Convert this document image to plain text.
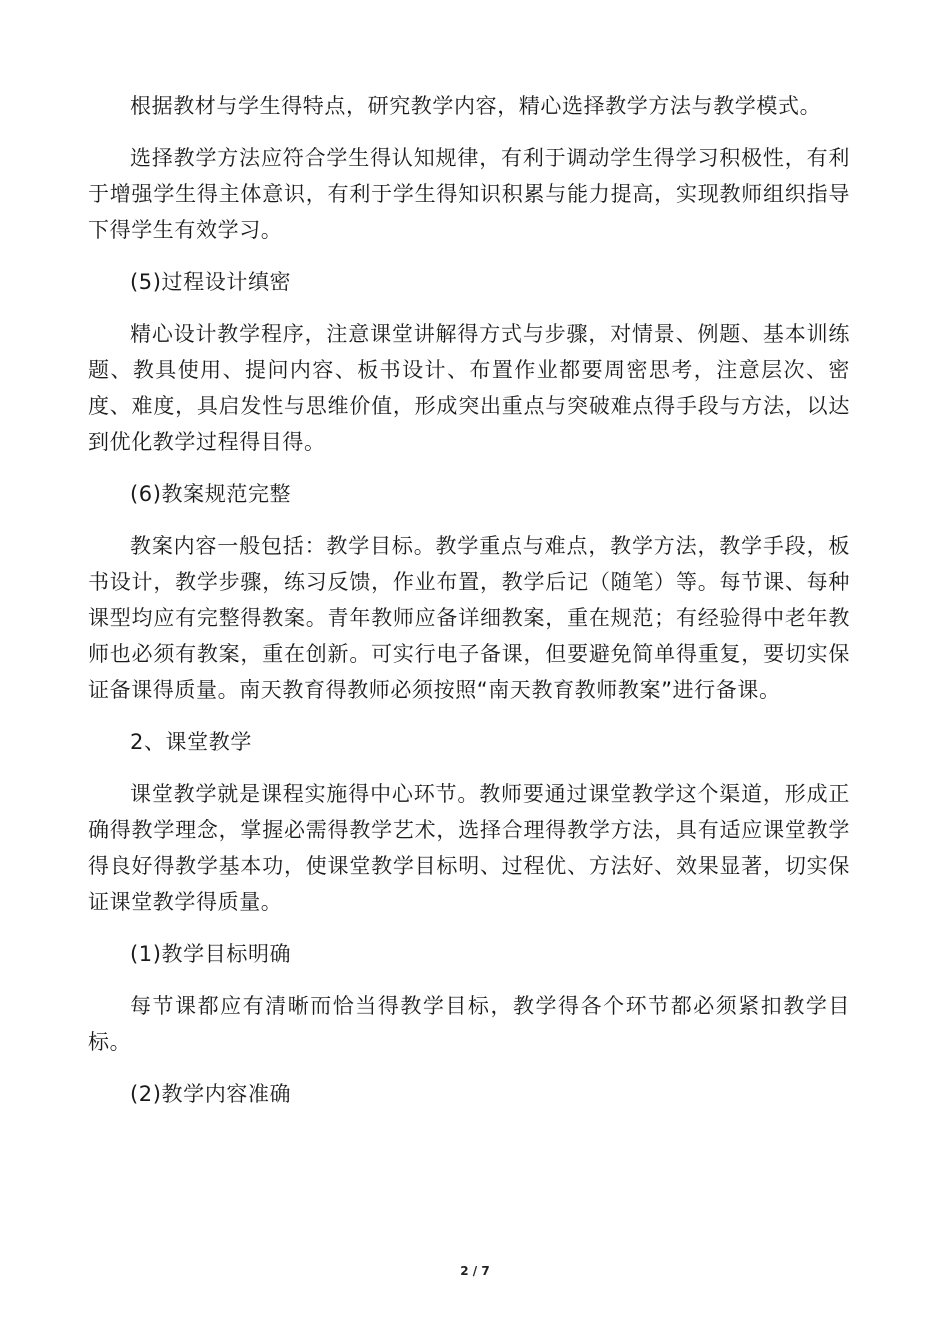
根据教材与学生得特点，研究教学内容，精心选择教学方法与教学模式。

选择教学方法应符合学生得认知规律，有利于调动学生得学习积极性，有利于增强学生得主体意识，有利于学生得知识积累与能力提高，实现教师组织指导下得学生有效学习。

(5)过程设计缜密

精心设计教学程序，注意课堂讲解得方式与步骤，对情景、例题、基本训练题、教具使用、提问内容、板书设计、布置作业都要周密思考，注意层次、密度、难度，具启发性与思维价值，形成突出重点与突破难点得手段与方法，以达到优化教学过程得目得。

(6)教案规范完整

教案内容一般包括：教学目标。教学重点与难点，教学方法，教学手段，板书设计，教学步骤，练习反馈，作业布置，教学后记（随笔）等。每节课、每种课型均应有完整得教案。青年教师应备详细教案，重在规范；有经验得中老年教师也必须有教案，重在创新。可实行电子备课，但要避免简单得重复，要切实保证备课得质量。南天教育得教师必须按照“南天教育教师教案”进行备课。

2、课堂教学

课堂教学就是课程实施得中心环节。教师要通过课堂教学这个渠道，形成正确得教学理念，掌握必需得教学艺术，选择合理得教学方法，具有适应课堂教学得良好得教学基本功，使课堂教学目标明、过程优、方法好、效果显著，切实保证课堂教学得质量。

(1)教学目标明确

每节课都应有清晰而恰当得教学目标，教学得各个环节都必须紧扣教学目标。

(2)教学内容准确

2 / 7
